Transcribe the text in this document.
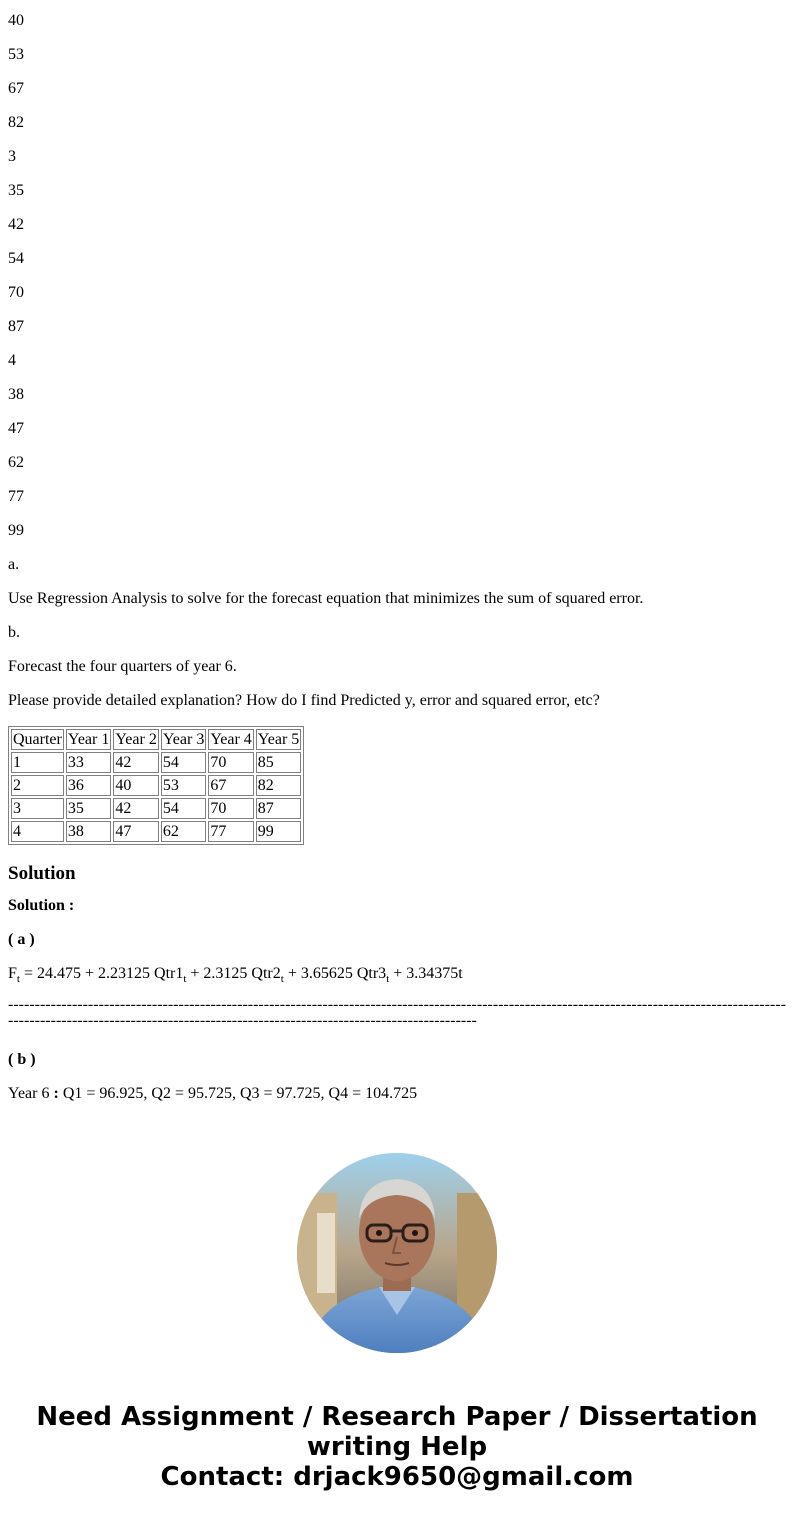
40

53

67

82

3

35

42

54

70

87

4

38

47

62

77

99

a.

Use Regression Analysis to solve for the forecast equation that minimizes the sum of squared error.

b.

Forecast the four quarters of year 6.

Please provide detailed explanation? How do I find Predicted y, error and squared error, etc?

Quarter	Year 1	Year 2	Year 3	Year 4	Year 5
1	33	42	54	70	85
2	36	40	53	67	82
3	35	42	54	70	87
4	38	47	62	77	99
Solution

Solution :

( a )

$F_t = 24.475 + 2.23125$ $Qtr1_t + 2.3125$ $Qtr2_t + 3.65625$ $Qtr3_t + 3.34375t$

------------------------------------------------------------------------------------------------------------------------------------------------------------------------------------------------------------------------------------------

( b )

Year 6 : Q1 = 96.925, Q2 = 95.725, Q3 = 97.725, Q4 = 104.725

Need Assignment / Research Paper / Dissertation
writing Help
Contact: drjack9650@gmail.com
